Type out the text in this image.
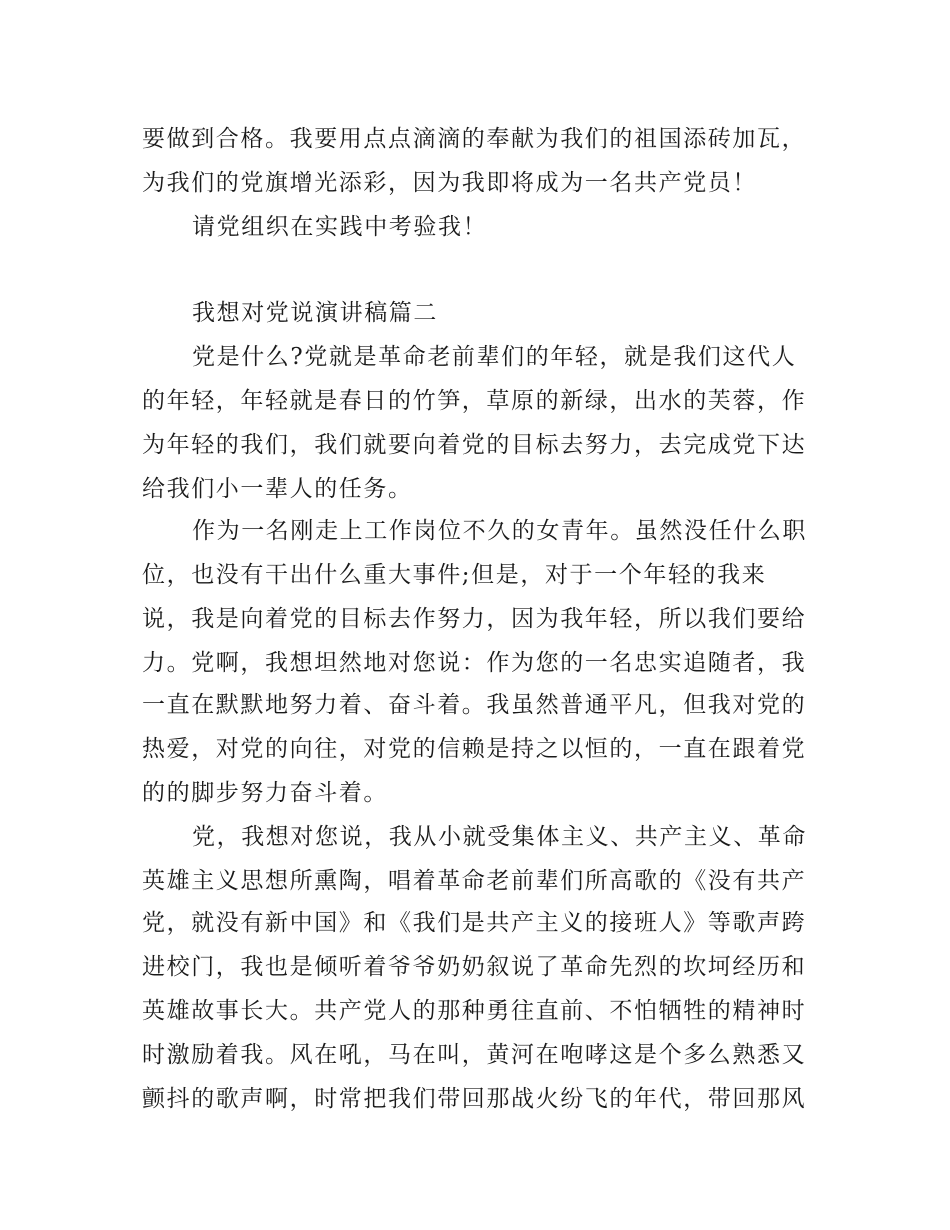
要做到合格。我要用点点滴滴的奉献为我们的祖国添砖加瓦，
为我们的党旗增光添彩，因为我即将成为一名共产党员！
请党组织在实践中考验我！
我想对党说演讲稿篇二
党是什么?党就是革命老前辈们的年轻，就是我们这代人
的年轻，年轻就是春日的竹笋，草原的新绿，出水的芙蓉，作
为年轻的我们，我们就要向着党的目标去努力，去完成党下达
给我们小一辈人的任务。
作为一名刚走上工作岗位不久的女青年。虽然没任什么职
位，也没有干出什么重大事件;但是，对于一个年轻的我来
说，我是向着党的目标去作努力，因为我年轻，所以我们要给
力。党啊，我想坦然地对您说：作为您的一名忠实追随者，我
一直在默默地努力着、奋斗着。我虽然普通平凡，但我对党的
热爱，对党的向往，对党的信赖是持之以恒的，一直在跟着党
的的脚步努力奋斗着。
党，我想对您说，我从小就受集体主义、共产主义、革命
英雄主义思想所熏陶，唱着革命老前辈们所高歌的《没有共产
党，就没有新中国》和《我们是共产主义的接班人》等歌声跨
进校门，我也是倾听着爷爷奶奶叙说了革命先烈的坎坷经历和
英雄故事长大。共产党人的那种勇往直前、不怕牺牲的精神时
时激励着我。风在吼，马在叫，黄河在咆哮这是个多么熟悉又
颤抖的歌声啊，时常把我们带回那战火纷飞的年代，带回那风
